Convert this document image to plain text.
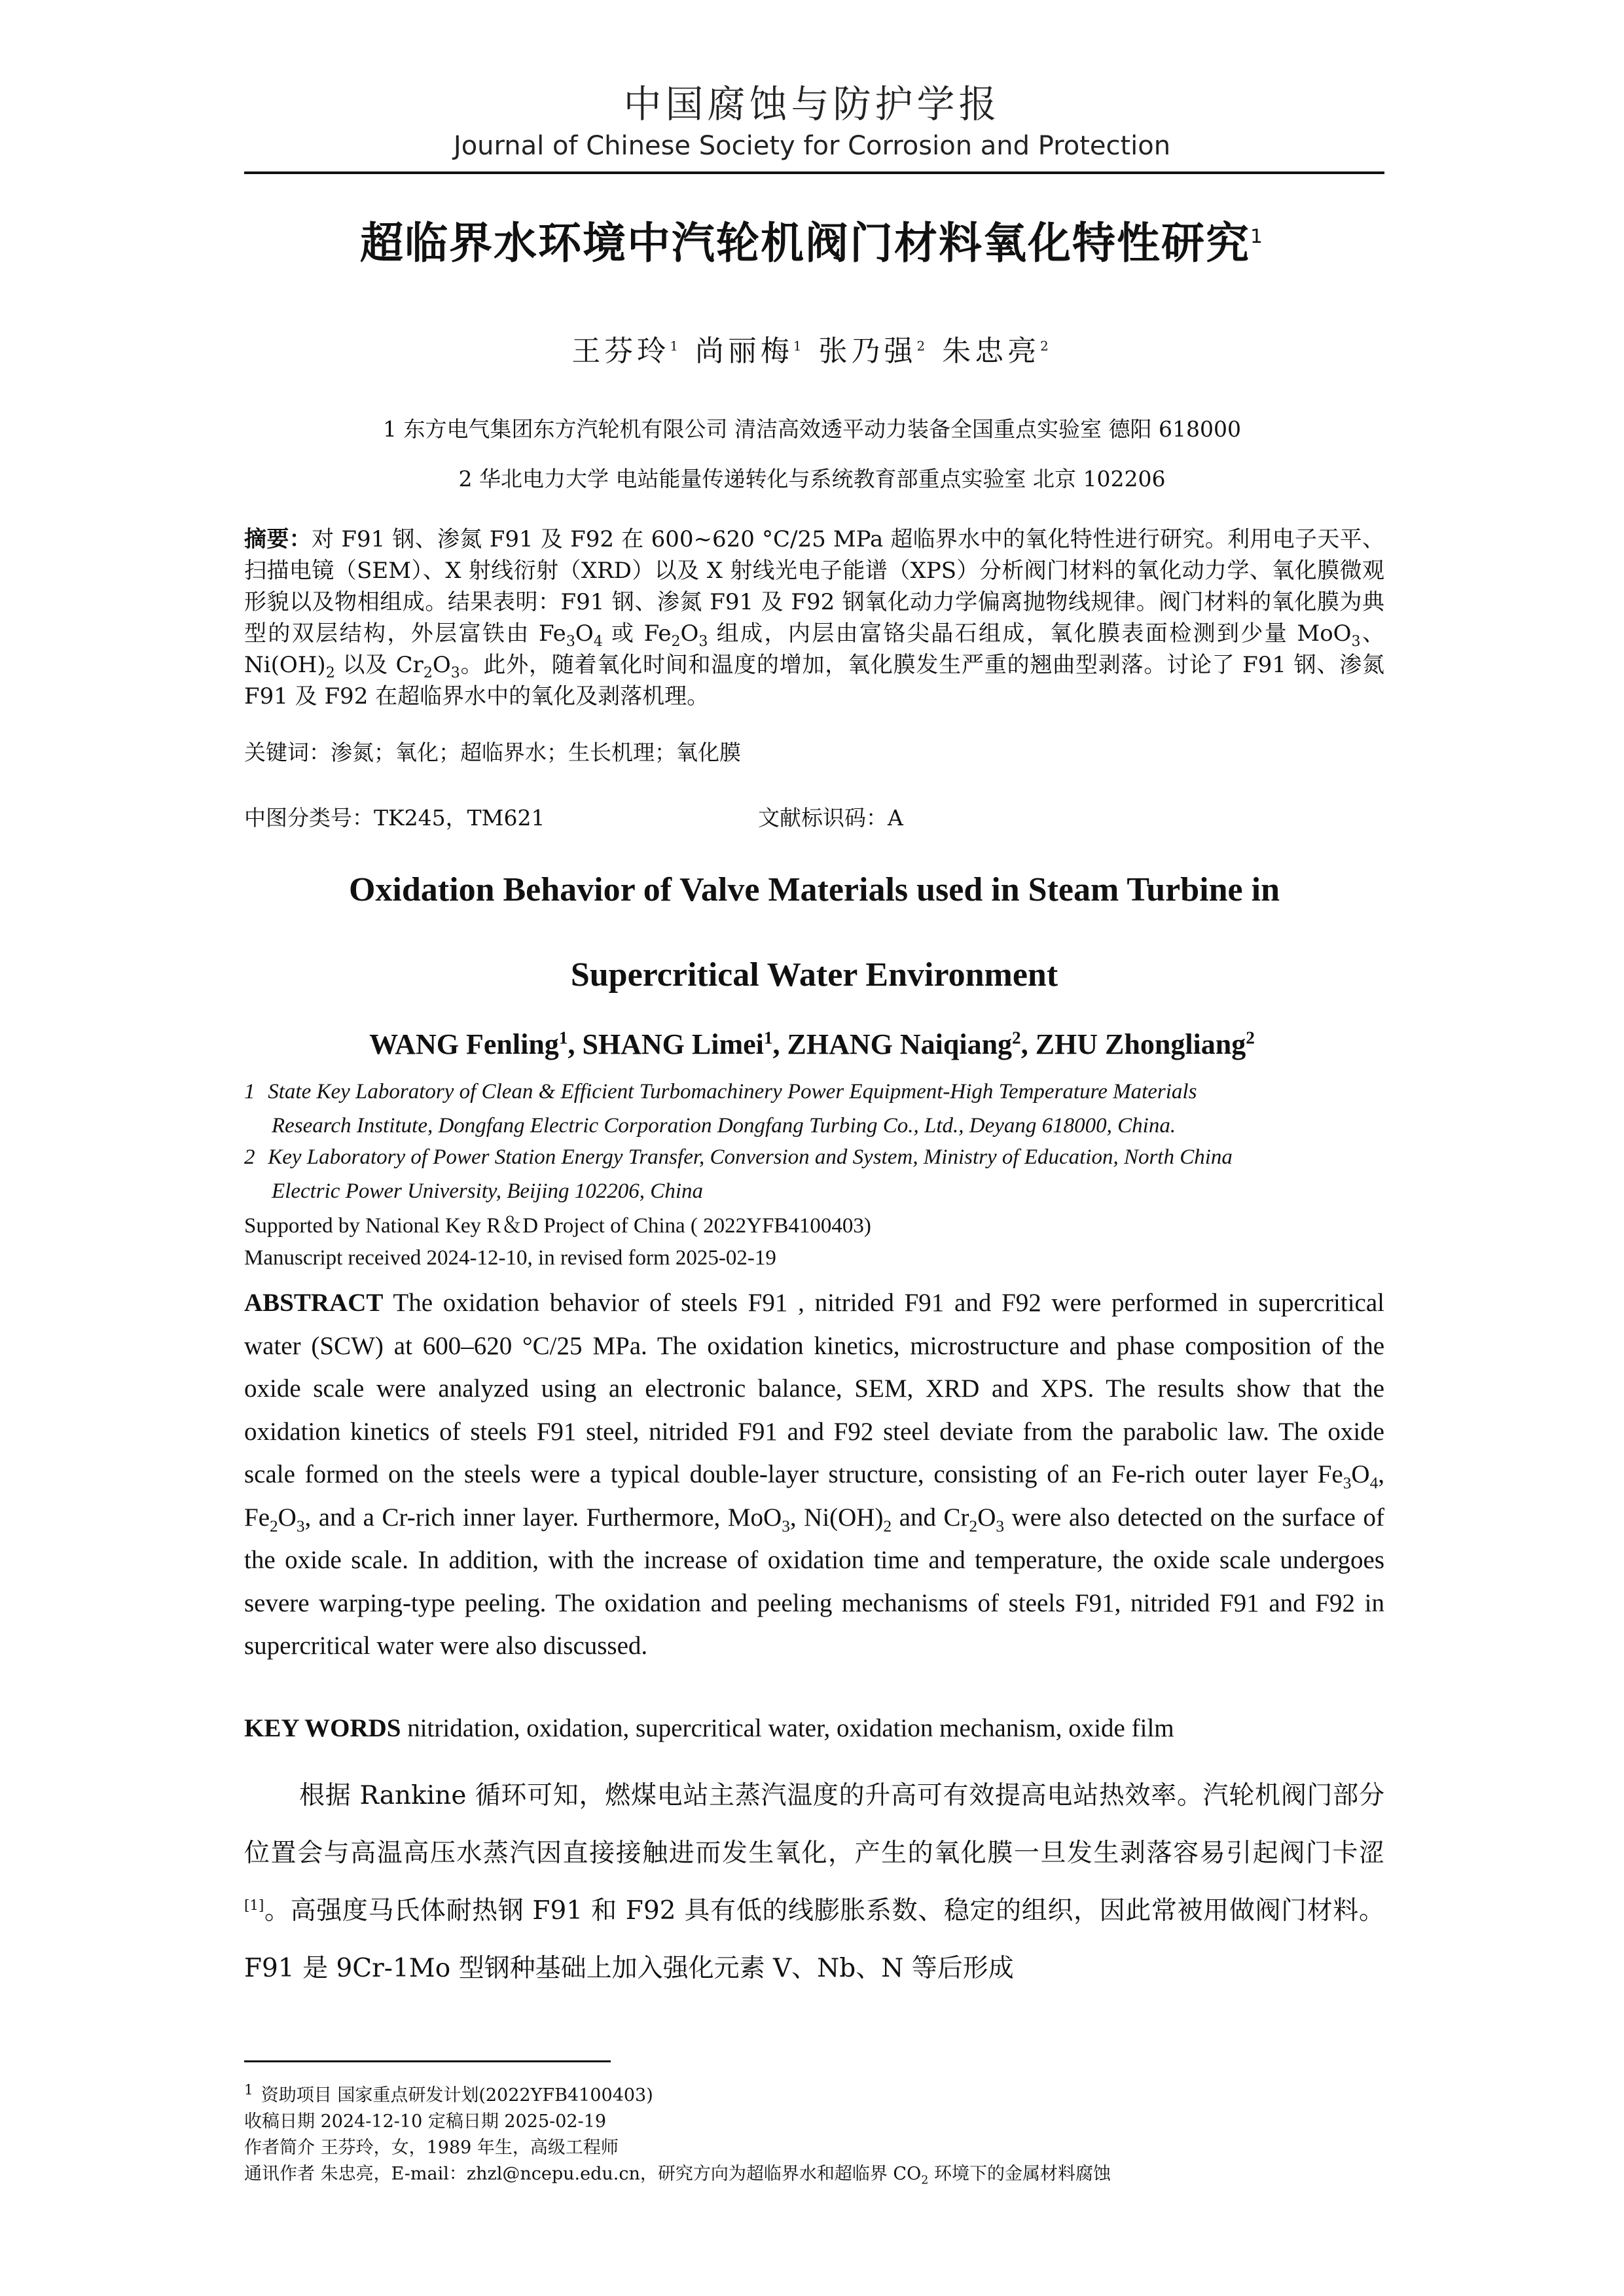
中国腐蚀与防护学报
Journal of Chinese Society for Corrosion and Protection
超临界水环境中汽轮机阀门材料氧化特性研究$^1$
王芬玲$^1$ 尚丽梅$^1$ 张乃强$^2$ 朱忠亮$^2$
1 东方电气集团东方汽轮机有限公司 清洁高效透平动力装备全国重点实验室 德阳 618000
2 华北电力大学 电站能量传递转化与系统教育部重点实验室 北京 102206
摘要：对 F91 钢、渗氮 F91 及 F92 在 600~620 °C/25 MPa 超临界水中的氧化特性进行研究。利用电子天平、扫描电镜（SEM）、X 射线衍射（XRD）以及 X 射线光电子能谱（XPS）分析阀门材料的氧化动力学、氧化膜微观形貌以及物相组成。结果表明：F91 钢、渗氮 F91 及 F92 钢氧化动力学偏离抛物线规律。阀门材料的氧化膜为典型的双层结构，外层富铁由 $Fe_3O_4$ 或 $Fe_2O_3$ 组成，内层由富铬尖晶石组成，氧化膜表面检测到少量 MoO$_3$、$Ni(OH)_2$ 以及 $Cr_2O_3$。此外，随着氧化时间和温度的增加，氧化膜发生严重的翘曲型剥落。讨论了 F91 钢、渗氮 F91 及 F92 在超临界水中的氧化及剥落机理。
关键词：渗氮；氧化；超临界水；生长机理；氧化膜
中图分类号：TK245，TM621	文献标识码：A
Oxidation Behavior of Valve Materials used in Steam Turbine in
Supercritical Water Environment
WANG Fenling$^1$, SHANG Limei$^1$, ZHANG Naiqiang$^2$, ZHU Zhongliang$^2$
1 State Key Laboratory of Clean & Efficient Turbomachinery Power Equipment-High Temperature Materials
Research Institute, Dongfang Electric Corporation Dongfang Turbing Co., Ltd., Deyang 618000, China.
2 Key Laboratory of Power Station Energy Transfer, Conversion and System, Ministry of Education, North China
Electric Power University, Beijing 102206, China
Supported by National Key R＆D Project of China ( 2022YFB4100403)
Manuscript received 2024-12-10, in revised form 2025-02-19
ABSTRACT The oxidation behavior of steels F91 , nitrided F91 and F92 were performed in supercritical water (SCW) at 600–620 °C/25 MPa. The oxidation kinetics, microstructure and phase composition of the oxide scale were analyzed using an electronic balance, SEM, XRD and XPS. The results show that the oxidation kinetics of steels F91 steel, nitrided F91 and F92 steel deviate from the parabolic law. The oxide scale formed on the steels were a typical double-layer structure, consisting of an Fe-rich outer layer $Fe_3O_4$, $Fe_2O_3$, and a Cr-rich inner layer. Furthermore, MoO$_3$, $Ni(OH)_2$ and $Cr_2O_3$ were also detected on the surface of the oxide scale. In addition, with the increase of oxidation time and temperature, the oxide scale undergoes severe warping-type peeling. The oxidation and peeling mechanisms of steels F91, nitrided F91 and F92 in supercritical water were also discussed.
KEY WORDS nitridation, oxidation, supercritical water, oxidation mechanism, oxide film
根据 Rankine 循环可知，燃煤电站主蒸汽温度的升高可有效提高电站热效率。汽轮机阀门部分位置会与高温高压水蒸汽因直接接触进而发生氧化，产生的氧化膜一旦发生剥落容易引起阀门卡涩[1]。高强度马氏体耐热钢 F91 和 F92 具有低的线膨胀系数、稳定的组织，因此常被用做阀门材料。F91 是 9Cr-1Mo 型钢种基础上加入强化元素 V、Nb、N 等后形成
$^1$ 资助项目 国家重点研发计划(2022YFB4100403)
收稿日期 2024-12-10 定稿日期 2025-02-19
作者简介 王芬玲，女，1989 年生，高级工程师
通讯作者 朱忠亮，E-mail：zhzl@ncepu.edu.cn，研究方向为超临界水和超临界 $CO_2$ 环境下的金属材料腐蚀
